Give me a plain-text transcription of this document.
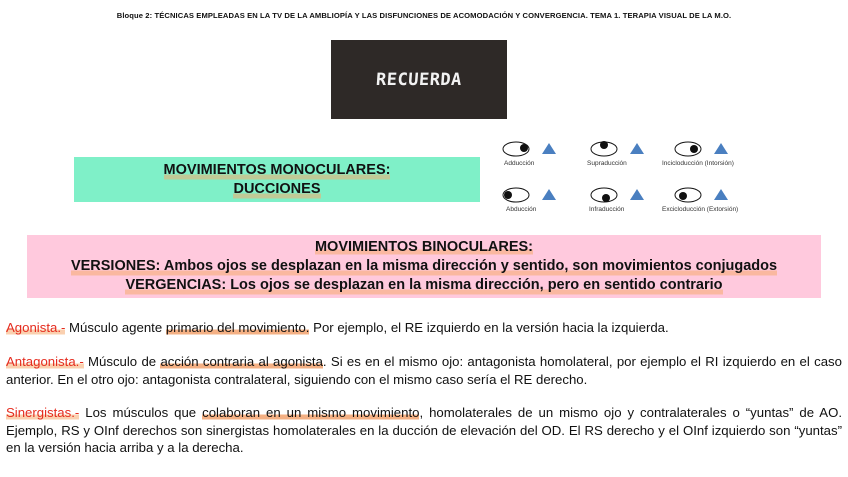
Bloque 2: TÉCNICAS EMPLEADAS EN LA TV DE LA AMBLIOPÍA Y LAS DISFUNCIONES DE ACOMODACIÓN Y CONVERGENCIA. TEMA 1. TERAPIA VISUAL DE LA M.O.
RECUERDA
MOVIMIENTOS MONOCULARES:
DUCCIONES
Adducción	Supraducción	Incicloducción (Intorsión)
Abducción	Infraducción	Excicloducción (Extorsión)
MOVIMIENTOS BINOCULARES:
VERSIONES: Ambos ojos se desplazan en la misma dirección y sentido, son movimientos conjugados
VERGENCIAS: Los ojos se desplazan en la misma dirección, pero en sentido contrario
Agonista.- Músculo agente primario del movimiento. Por ejemplo, el RE izquierdo en la versión hacia la izquierda.
Antagonista.- Músculo de acción contraria al agonista. Si es en el mismo ojo: antagonista homolateral, por ejemplo el RI izquierdo en el caso anterior. En el otro ojo: antagonista contralateral, siguiendo con el mismo caso sería el RE derecho.
Sinergistas.- Los músculos que colaboran en un mismo movimiento, homolaterales de un mismo ojo y contralaterales o “yuntas” de AO. Ejemplo, RS y OInf derechos son sinergistas homolaterales en la ducción de elevación del OD. El RS derecho y el OInf izquierdo son “yuntas” en la versión hacia arriba y a la derecha.
